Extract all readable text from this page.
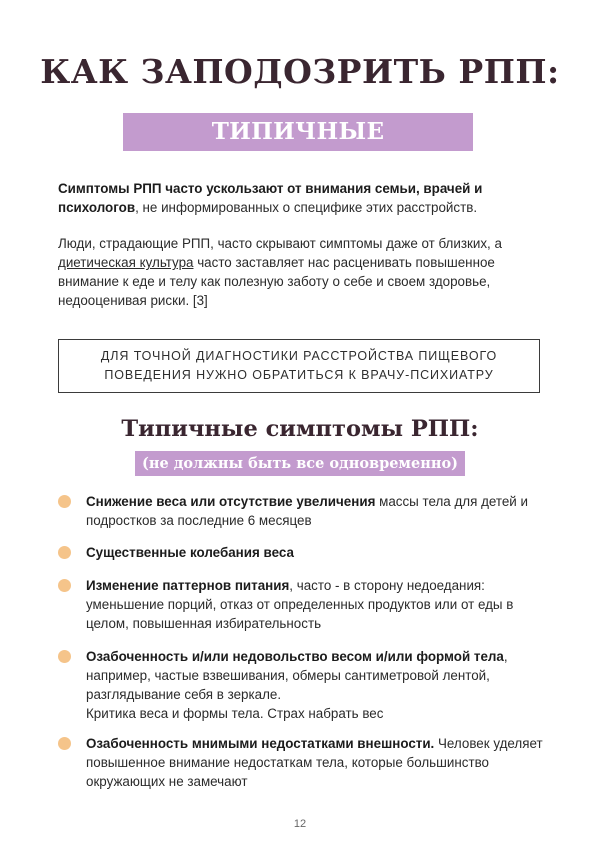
КАК ЗАПОДОЗРИТЬ РПП:
ТИПИЧНЫЕ СИМПТОМЫ
Симптомы РПП часто ускользают от внимания семьи, врачей и психологов, не информированных о специфике этих расстройств.
Люди, страдающие РПП, часто скрывают симптомы даже от близких, а диетическая культура часто заставляет нас расценивать повышенное внимание к еде и телу как полезную заботу о себе и своем здоровье, недооценивая риски. [3]
ДЛЯ ТОЧНОЙ ДИАГНОСТИКИ РАССТРОЙСТВА ПИЩЕВОГО
ПОВЕДЕНИЯ НУЖНО ОБРАТИТЬСЯ К ВРАЧУ-ПСИХИАТРУ
Типичные симптомы РПП:
(не должны быть все одновременно)
Снижение веса или отсутствие увеличения массы тела для детей и подростков за последние 6 месяцев
Существенные колебания веса
Изменение паттернов питания, часто - в сторону недоедания: уменьшение порций, отказ от определенных продуктов или от еды в целом, повышенная избирательность
Озабоченность и/или недовольство весом и/или формой тела, например, частые взвешивания, обмеры сантиметровой лентой, разглядывание себя в зеркале.
Критика веса и формы тела. Страх набрать вес
Озабоченность мнимыми недостатками внешности. Человек уделяет повышенное внимание недостаткам тела, которые большинство окружающих не замечают
12
